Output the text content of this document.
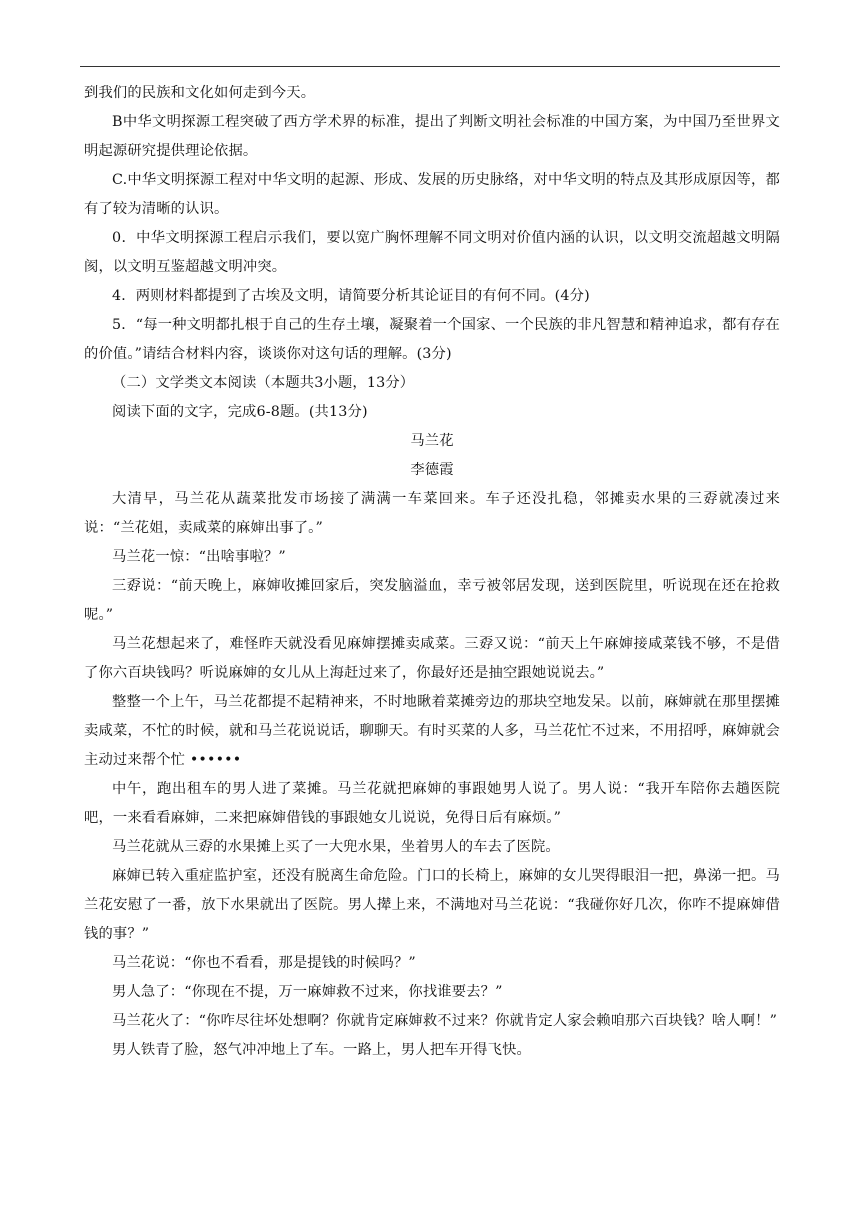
到我们的民族和文化如何走到今天。

B中华文明探源工程突破了西方学术界的标准，提出了判断文明社会标准的中国方案，为中国乃至世界文明起源研究提供理论依据。

C.中华文明探源工程对中华文明的起源、形成、发展的历史脉络，对中华文明的特点及其形成原因等，都有了较为清晰的认识。

0．中华文明探源工程启示我们，要以宽广胸怀理解不同文明对价值内涵的认识，以文明交流超越文明隔阂，以文明互鉴超越文明冲突。

4．两则材料都提到了古埃及文明，请简要分析其论证目的有何不同。(4分)

5．“每一种文明都扎根于自己的生存土壤，凝聚着一个国家、一个民族的非凡智慧和精神追求，都有存在的价值。”请结合材料内容，谈谈你对这句话的理解。(3分)

（二）文学类文本阅读（本题共3小题，13分）

阅读下面的文字，完成6-8题。(共13分)

马兰花

李德霞

大清早，马兰花从蔬菜批发市场接了满满一车菜回来。车子还没扎稳，邻摊卖水果的三孬就凑过来说：“兰花姐，卖咸菜的麻婶出事了。”

马兰花一惊：“出啥事啦？”

三孬说：“前天晚上，麻婶收摊回家后，突发脑溢血，幸亏被邻居发现，送到医院里，听说现在还在抢救呢。”

马兰花想起来了，难怪昨天就没看见麻婶摆摊卖咸菜。三孬又说：“前天上午麻婶接咸菜钱不够，不是借了你六百块钱吗？听说麻婶的女儿从上海赶过来了，你最好还是抽空跟她说说去。”

整整一个上午，马兰花都提不起精神来，不时地瞅着菜摊旁边的那块空地发呆。以前，麻婶就在那里摆摊卖咸菜，不忙的时候，就和马兰花说说话，聊聊天。有时买菜的人多，马兰花忙不过来，不用招呼，麻婶就会主动过来帮个忙 ••••••

中午，跑出租车的男人进了菜摊。马兰花就把麻婶的事跟她男人说了。男人说：“我开车陪你去趟医院吧，一来看看麻婶，二来把麻婶借钱的事跟她女儿说说，免得日后有麻烦。”

马兰花就从三孬的水果摊上买了一大兜水果，坐着男人的车去了医院。

麻婶已转入重症监护室，还没有脱离生命危险。门口的长椅上，麻婶的女儿哭得眼泪一把，鼻涕一把。马兰花安慰了一番，放下水果就出了医院。男人撵上来，不满地对马兰花说：“我碰你好几次，你咋不提麻婶借钱的事？”

马兰花说：“你也不看看，那是提钱的时候吗？”

男人急了：“你现在不提，万一麻婶救不过来，你找谁要去？”

马兰花火了：“你咋尽往坏处想啊？你就肯定麻婶救不过来？你就肯定人家会赖咱那六百块钱？啥人啊！”

男人铁青了脸，怒气冲冲地上了车。一路上，男人把车开得飞快。
